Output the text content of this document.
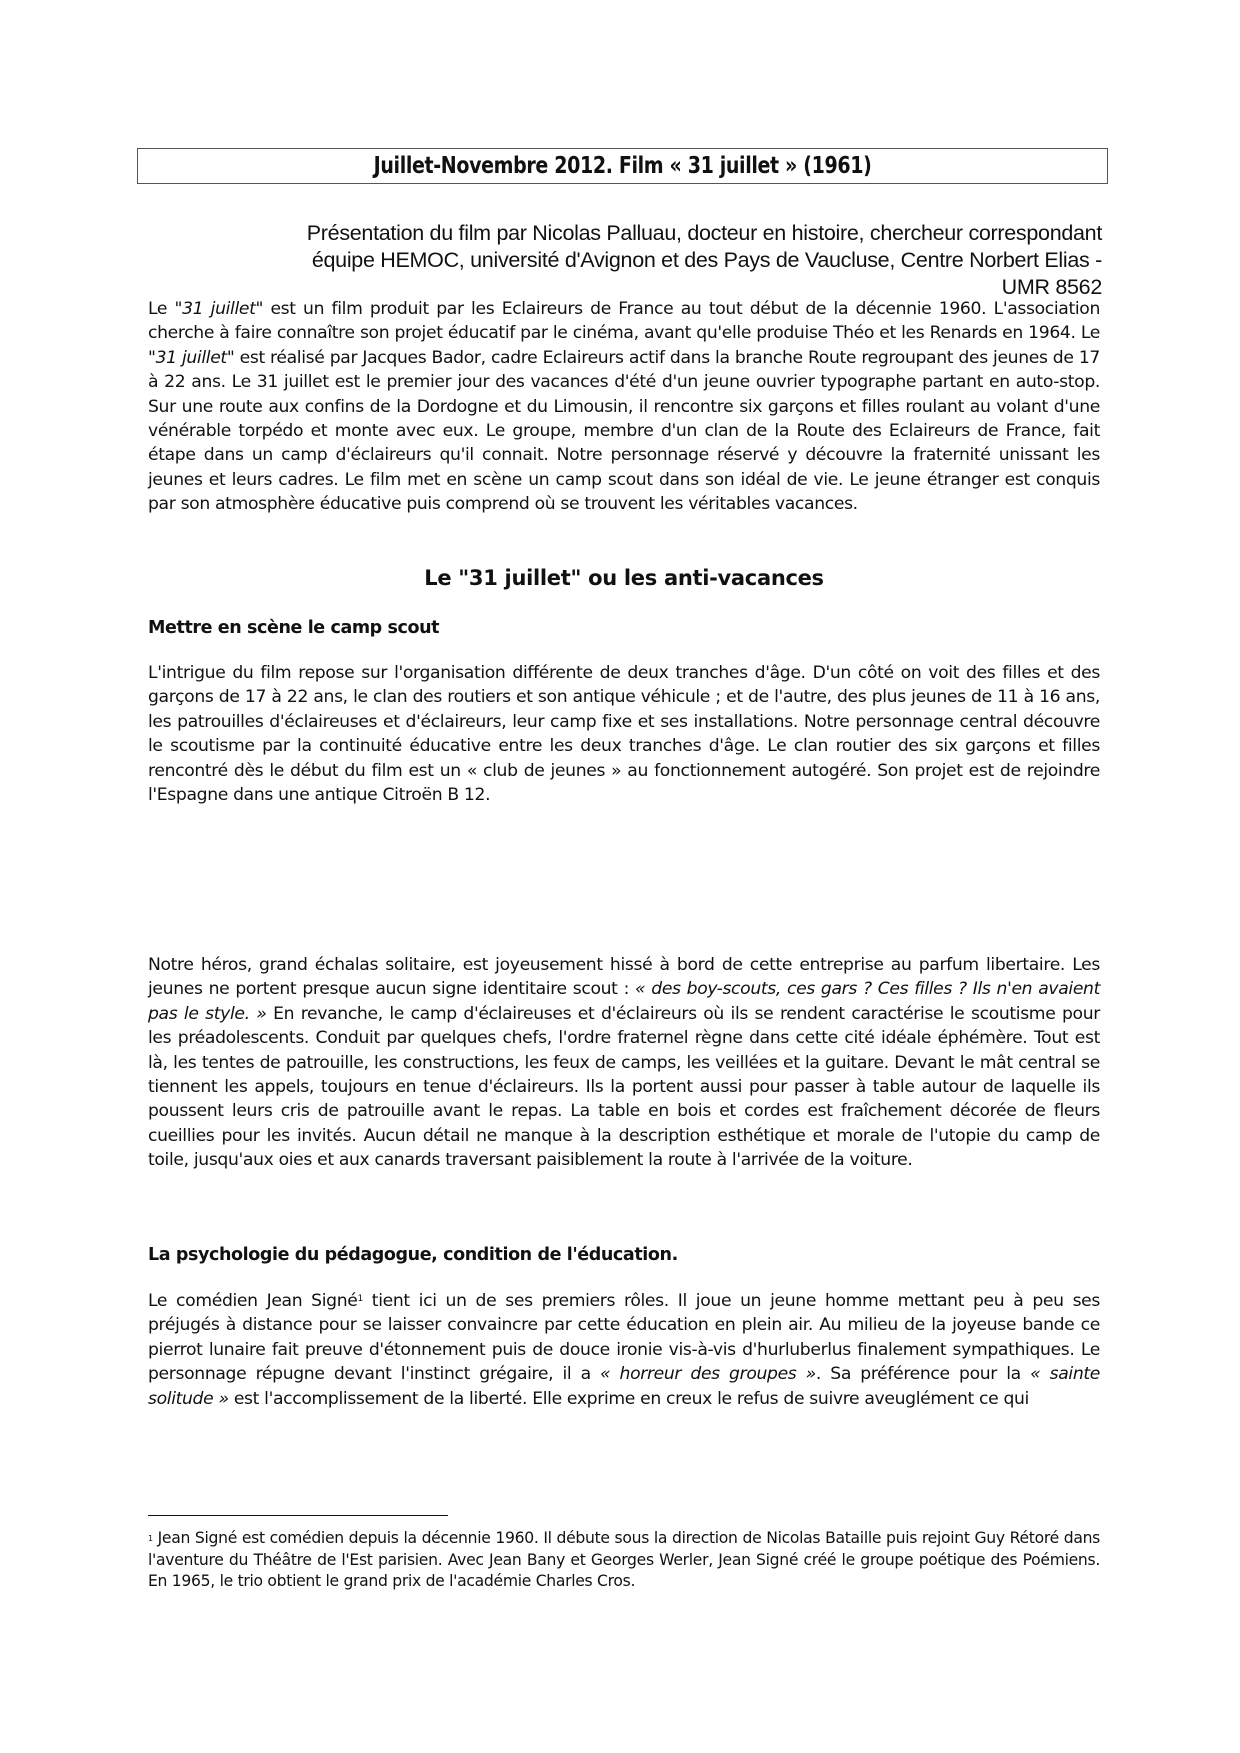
Juillet-Novembre 2012. Film « 31 juillet » (1961)
Présentation du film par Nicolas Palluau, docteur en histoire, chercheur correspondant
équipe HEMOC, université d'Avignon et des Pays de Vaucluse, Centre Norbert Elias -
UMR 8562
Le "31 juillet" est un film produit par les Eclaireurs de France au tout début de la décennie 1960. L'association cherche à faire connaître son projet éducatif par le cinéma, avant qu'elle produise Théo et les Renards en 1964. Le "31 juillet" est réalisé par Jacques Bador, cadre Eclaireurs actif dans la branche Route regroupant des jeunes de 17 à 22 ans. Le 31 juillet est le premier jour des vacances d'été d'un jeune ouvrier typographe partant en auto-stop. Sur une route aux confins de la Dordogne et du Limousin, il rencontre six garçons et filles roulant au volant d'une vénérable torpédo et monte avec eux. Le groupe, membre d'un clan de la Route des Eclaireurs de France, fait étape dans un camp d'éclaireurs qu'il connait. Notre personnage réservé y découvre la fraternité unissant les jeunes et leurs cadres. Le film met en scène un camp scout dans son idéal de vie. Le jeune étranger est conquis par son atmosphère éducative puis comprend où se trouvent les véritables vacances.
Le "31 juillet" ou les anti-vacances
Mettre en scène le camp scout
L'intrigue du film repose sur l'organisation différente de deux tranches d'âge. D'un côté on voit des filles et des garçons de 17 à 22 ans, le clan des routiers et son antique véhicule ; et de l'autre, des plus jeunes de 11 à 16 ans, les patrouilles d'éclaireuses et d'éclaireurs, leur camp fixe et ses installations. Notre personnage central découvre le scoutisme par la continuité éducative entre les deux tranches d'âge. Le clan routier des six garçons et filles rencontré dès le début du film est un « club de jeunes » au fonctionnement autogéré. Son projet est de rejoindre l'Espagne dans une antique Citroën B 12.
Notre héros, grand échalas solitaire, est joyeusement hissé à bord de cette entreprise au parfum libertaire. Les jeunes ne portent presque aucun signe identitaire scout : « des boy-scouts, ces gars ? Ces filles ? Ils n'en avaient pas le style. » En revanche, le camp d'éclaireuses et d'éclaireurs où ils se rendent caractérise le scoutisme pour les préadolescents. Conduit par quelques chefs, l'ordre fraternel règne dans cette cité idéale éphémère. Tout est là, les tentes de patrouille, les constructions, les feux de camps, les veillées et la guitare. Devant le mât central se tiennent les appels, toujours en tenue d'éclaireurs. Ils la portent aussi pour passer à table autour de laquelle ils poussent leurs cris de patrouille avant le repas. La table en bois et cordes est fraîchement décorée de fleurs cueillies pour les invités. Aucun détail ne manque à la description esthétique et morale de l'utopie du camp de toile, jusqu'aux oies et aux canards traversant paisiblement la route à l'arrivée de la voiture.
La psychologie du pédagogue, condition de l'éducation.
Le comédien Jean Signé$^1$ tient ici un de ses premiers rôles. Il joue un jeune homme mettant peu à peu ses préjugés à distance pour se laisser convaincre par cette éducation en plein air. Au milieu de la joyeuse bande ce pierrot lunaire fait preuve d'étonnement puis de douce ironie vis-à-vis d'hurluberlus finalement sympathiques. Le personnage répugne devant l'instinct grégaire, il a « horreur des groupes ». Sa préférence pour la « sainte solitude » est l'accomplissement de la liberté. Elle exprime en creux le refus de suivre aveuglément ce qui
$^1$ Jean Signé est comédien depuis la décennie 1960. Il débute sous la direction de Nicolas Bataille puis rejoint Guy Rétoré dans l'aventure du Théâtre de l'Est parisien. Avec Jean Bany et Georges Werler, Jean Signé créé le groupe poétique des Poémiens. En 1965, le trio obtient le grand prix de l'académie Charles Cros.
